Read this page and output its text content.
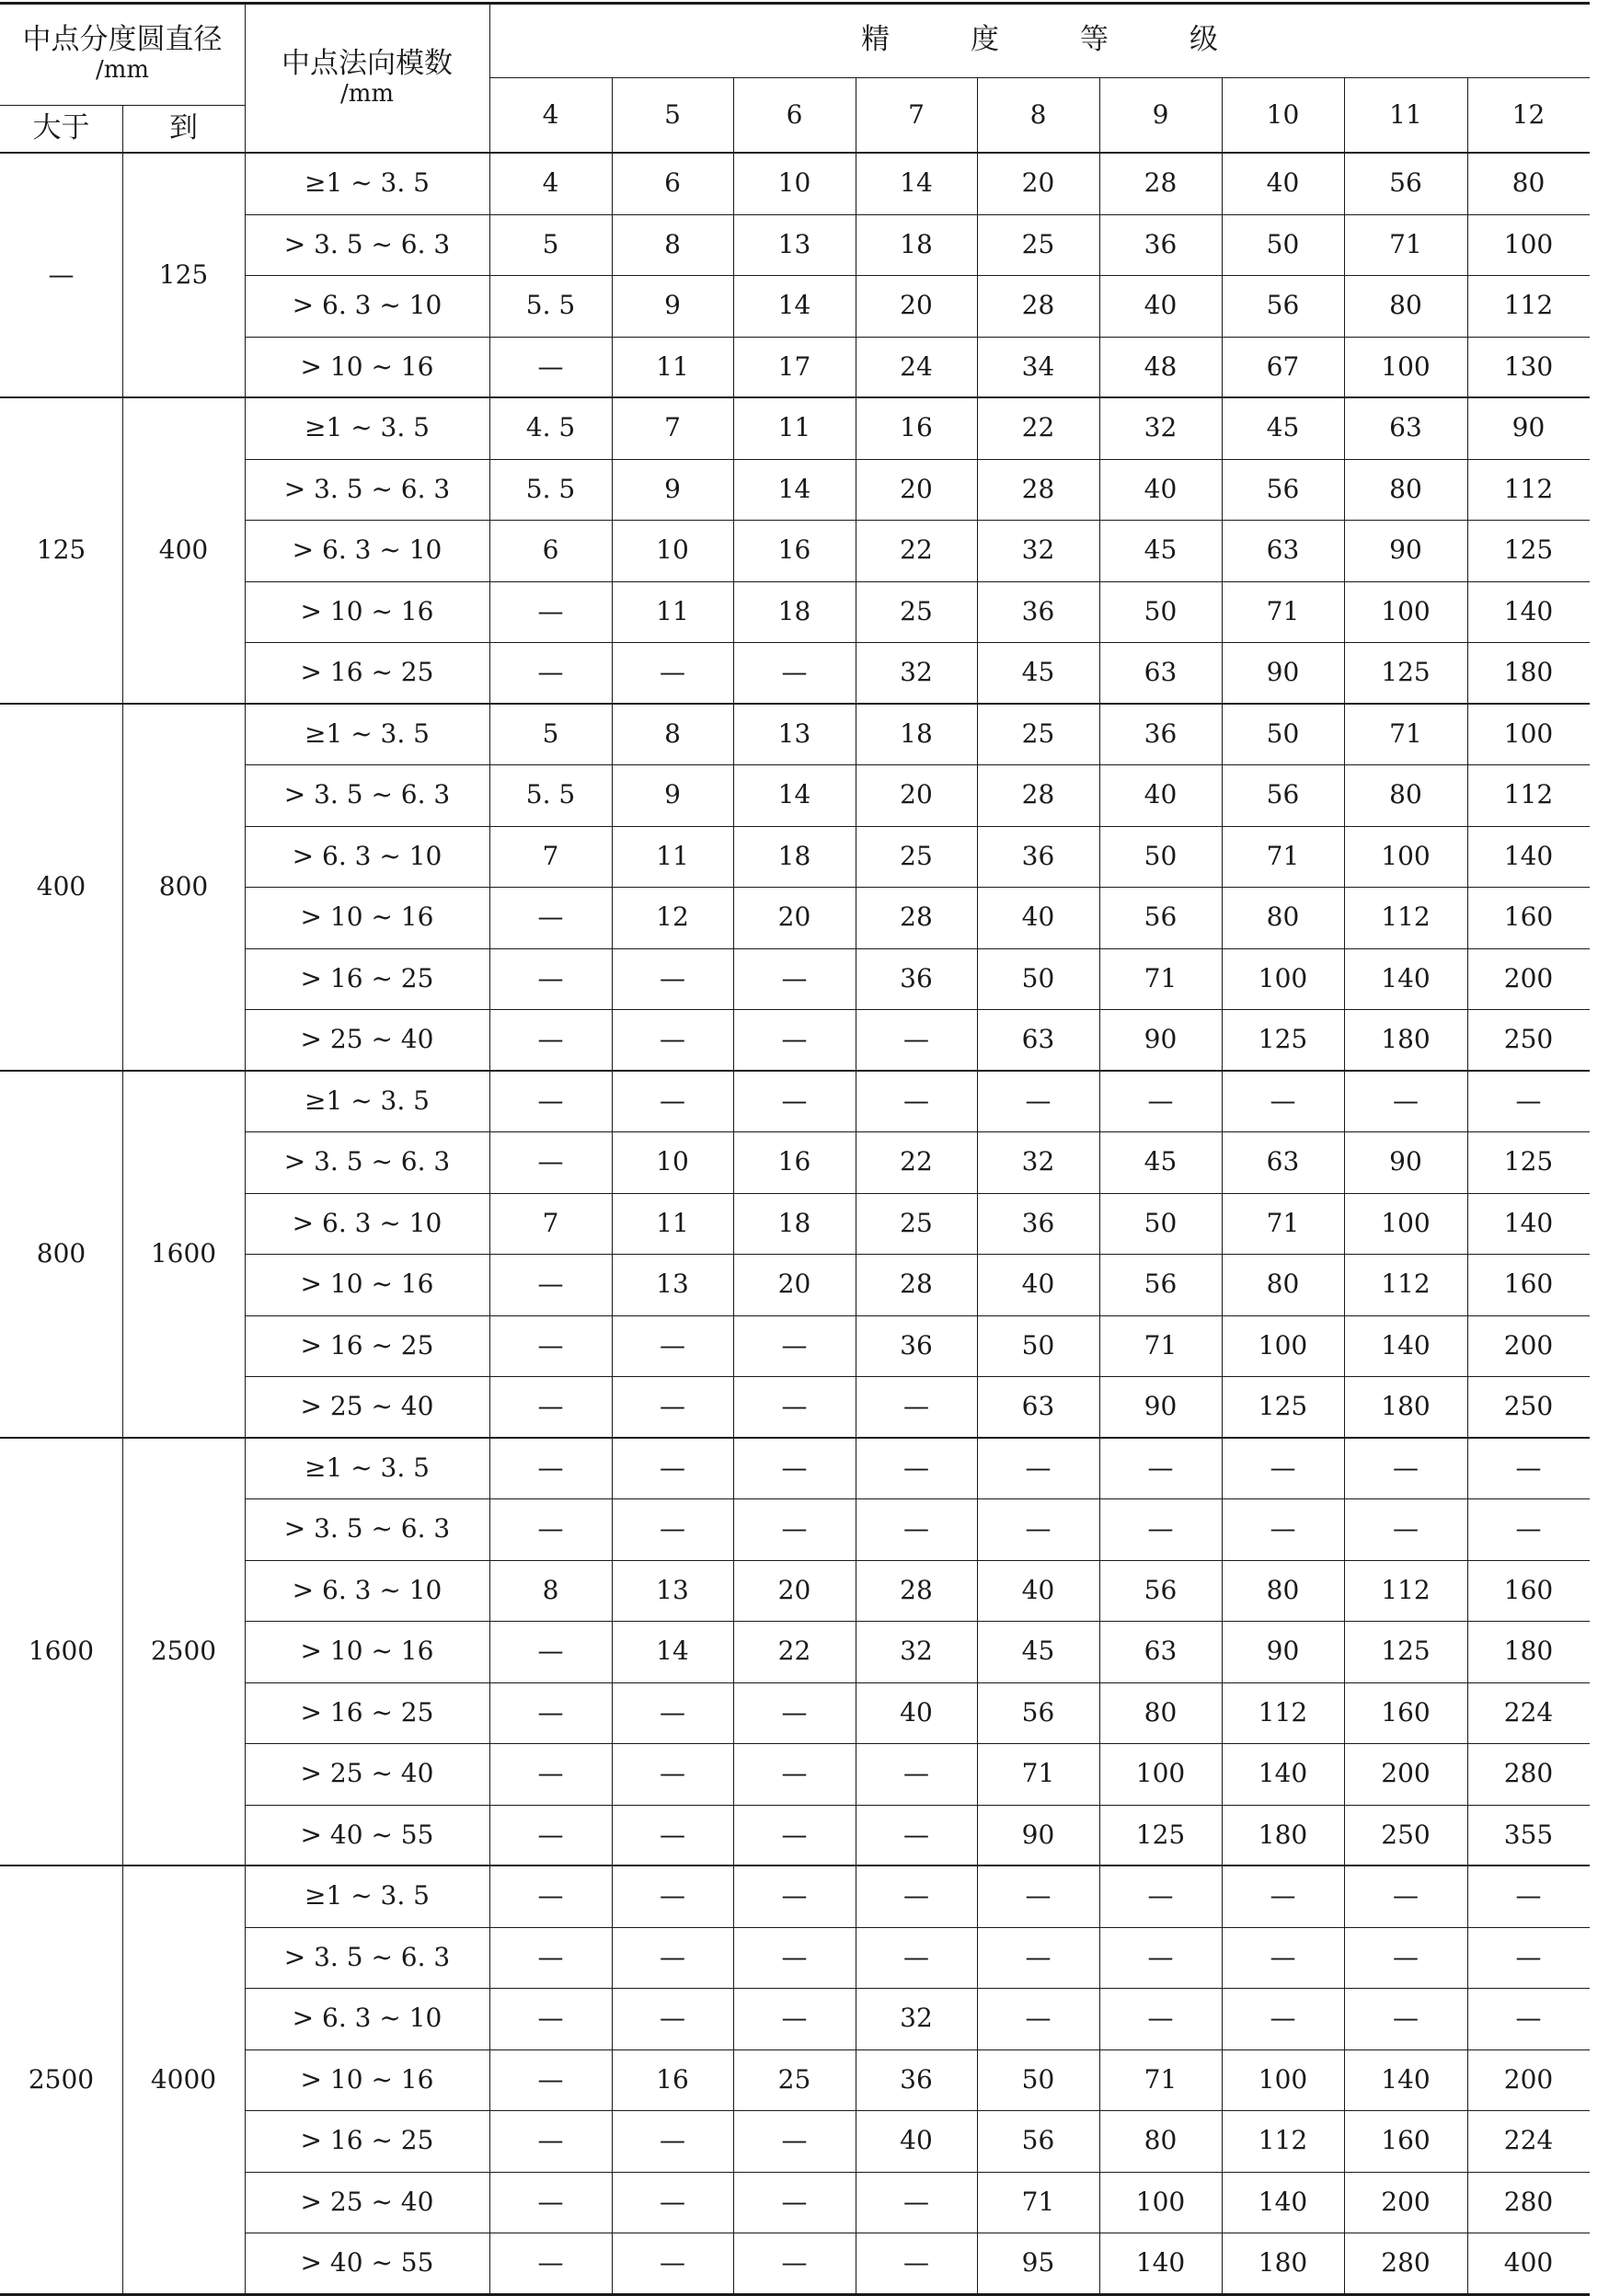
中点分度圆直径
/mm
大于	到
中点法向模数
/mm
精度等级
4	5	6	7	8	9	10	11	12
—	125
≥1 ~ 3. 5	4	6	10	14	20	28	40	56	80
> 3. 5 ~ 6. 3	5	8	13	18	25	36	50	71	100
> 6. 3 ~ 10	5. 5	9	14	20	28	40	56	80	112
> 10 ~ 16	—	11	17	24	34	48	67	100	130
125	400
≥1 ~ 3. 5	4. 5	7	11	16	22	32	45	63	90
> 3. 5 ~ 6. 3	5. 5	9	14	20	28	40	56	80	112
> 6. 3 ~ 10	6	10	16	22	32	45	63	90	125
> 10 ~ 16	—	11	18	25	36	50	71	100	140
> 16 ~ 25	—	—	—	32	45	63	90	125	180
400	800
≥1 ~ 3. 5	5	8	13	18	25	36	50	71	100
> 3. 5 ~ 6. 3	5. 5	9	14	20	28	40	56	80	112
> 6. 3 ~ 10	7	11	18	25	36	50	71	100	140
> 10 ~ 16	—	12	20	28	40	56	80	112	160
> 16 ~ 25	—	—	—	36	50	71	100	140	200
> 25 ~ 40	—	—	—	—	63	90	125	180	250
800	1600
≥1 ~ 3. 5	—	—	—	—	—	—	—	—	—
> 3. 5 ~ 6. 3	—	10	16	22	32	45	63	90	125
> 6. 3 ~ 10	7	11	18	25	36	50	71	100	140
> 10 ~ 16	—	13	20	28	40	56	80	112	160
> 16 ~ 25	—	—	—	36	50	71	100	140	200
> 25 ~ 40	—	—	—	—	63	90	125	180	250
1600	2500
≥1 ~ 3. 5	—	—	—	—	—	—	—	—	—
> 3. 5 ~ 6. 3	—	—	—	—	—	—	—	—	—
> 6. 3 ~ 10	8	13	20	28	40	56	80	112	160
> 10 ~ 16	—	14	22	32	45	63	90	125	180
> 16 ~ 25	—	—	—	40	56	80	112	160	224
> 25 ~ 40	—	—	—	—	71	100	140	200	280
> 40 ~ 55	—	—	—	—	90	125	180	250	355
2500	4000
≥1 ~ 3. 5	—	—	—	—	—	—	—	—	—
> 3. 5 ~ 6. 3	—	—	—	—	—	—	—	—	—
> 6. 3 ~ 10	—	—	—	32	—	—	—	—	—
> 10 ~ 16	—	16	25	36	50	71	100	140	200
> 16 ~ 25	—	—	—	40	56	80	112	160	224
> 25 ~ 40	—	—	—	—	71	100	140	200	280
> 40 ~ 55	—	—	—	—	95	140	180	280	400
